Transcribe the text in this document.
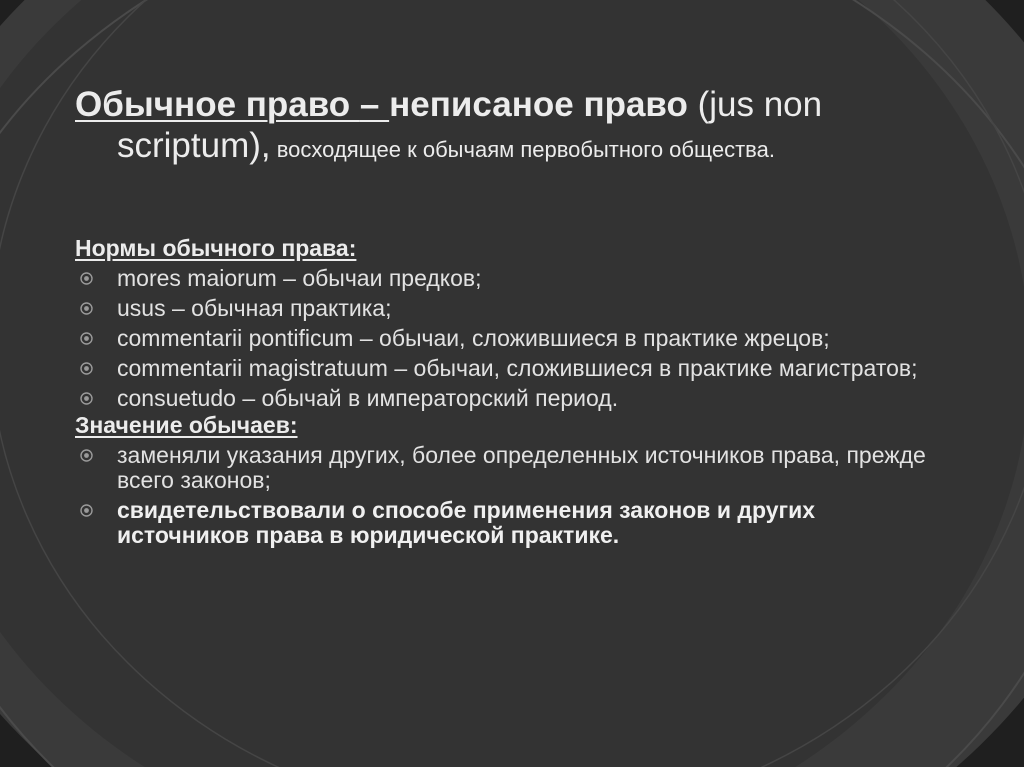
Обычное право – неписаное право (jus non
scriptum), восходящее к обычаям первобытного общества.
Нормы обычного права:
mores maiorum – обычаи предков;
usus – обычная практика;
commentarii pontificum – обычаи, сложившиеся в практике жрецов;
commentarii magistratuum – обычаи, сложившиеся в практике магистратов;
consuetudo – обычай в императорский период.
Значение обычаев:
заменяли указания других, более определенных источников права, прежде всего законов;
свидетельствовали о способе применения законов и других источников права в юридической практике.
